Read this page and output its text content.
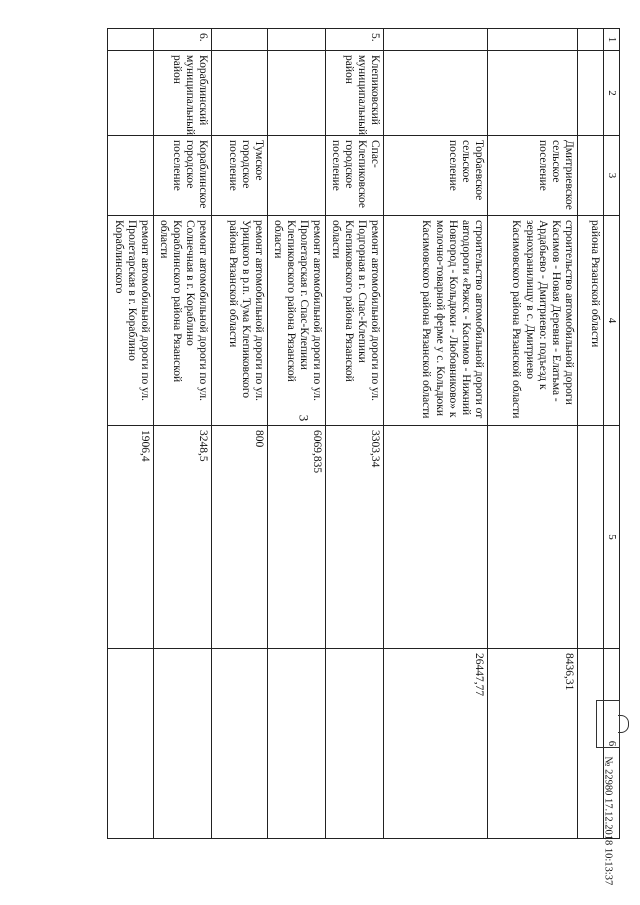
3
1	2	3	4	5	6
			района Рязанской области		
		Дмитриевское сельское поселение	строительство автомобильной дороги Касимов - Новая Деревня - Елатьма - Ардабьево - Дмитриево: подъезд к зернохранилищу в с. Дмитриево Касимовского района Рязанской области		8436,31
		Торбаевское сельское поселение	строительство автомобильной дороги от автодороги «Ряжск - Касимов - Нижний Новгород - Кольдюки - Любовниково» к молочно-товарной ферме у с. Кольдюки Касимовского района Рязанской области		26447,77
5.	Клепиковский муниципальный район	Спас-Клепиковское городское поселение	ремонт автомобильной дороги по ул. Подгорная в г. Спас-Клепики Клепиковского района Рязанской области	3303,34	
			ремонт автомобильной дороги по ул. Пролетарская г. Спас-Клепики Клепиковского района Рязанской области	6069,835	
		Тумское городское поселение	ремонт автомобильной дороги по ул. Урицкого в р.п. Тума Клепиковского района Рязанской области	800	
6.	Кораблинский муниципальный район	Кораблинское городское поселение	ремонт автомобильной дороги по ул. Солнечная в г. Кораблино Кораблинского района Рязанской области	3248,5	
			ремонт автомобильной дороги по ул. Пролетарская в г. Кораблино Кораблинского	1906,4	
№ 22980 17.12.2018 10:13:37
